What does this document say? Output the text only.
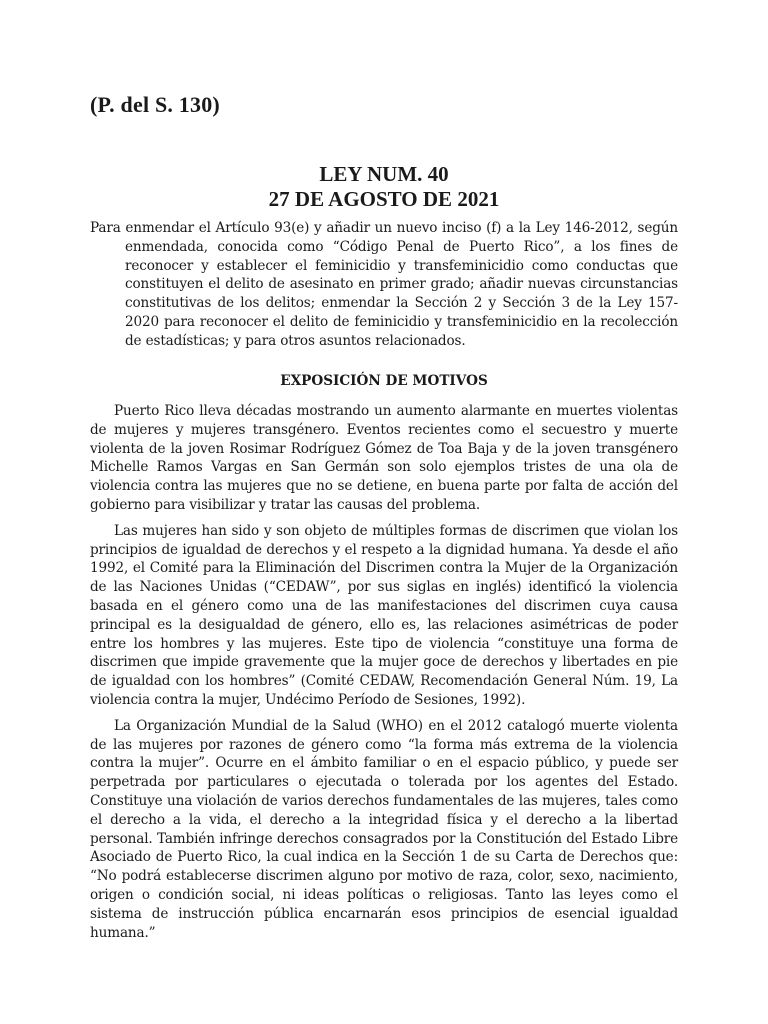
(P. del S. 130)
LEY NUM. 40
27 DE AGOSTO DE 2021
Para enmendar el Artículo 93(e) y añadir un nuevo inciso (f) a la Ley 146-2012, según enmendada, conocida como “Código Penal de Puerto Rico”, a los fines de reconocer y establecer el feminicidio y transfeminicidio como conductas que constituyen el delito de asesinato en primer grado; añadir nuevas circunstancias constitutivas de los delitos; enmendar la Sección 2 y Sección 3 de la Ley 157-2020 para reconocer el delito de feminicidio y transfeminicidio en la recolección de estadísticas; y para otros asuntos relacionados.
EXPOSICIÓN DE MOTIVOS

Puerto Rico lleva décadas mostrando un aumento alarmante en muertes violentas de mujeres y mujeres transgénero. Eventos recientes como el secuestro y muerte violenta de la joven Rosimar Rodríguez Gómez de Toa Baja y de la joven transgénero Michelle Ramos Vargas en San Germán son solo ejemplos tristes de una ola de violencia contra las mujeres que no se detiene, en buena parte por falta de acción del gobierno para visibilizar y tratar las causas del problema.

Las mujeres han sido y son objeto de múltiples formas de discrimen que violan los principios de igualdad de derechos y el respeto a la dignidad humana. Ya desde el año 1992, el Comité para la Eliminación del Discrimen contra la Mujer de la Organización de las Naciones Unidas (“CEDAW”, por sus siglas en inglés) identificó la violencia basada en el género como una de las manifestaciones del discrimen cuya causa principal es la desigualdad de género, ello es, las relaciones asimétricas de poder entre los hombres y las mujeres. Este tipo de violencia “constituye una forma de discrimen que impide gravemente que la mujer goce de derechos y libertades en pie de igualdad con los hombres” (Comité CEDAW, Recomendación General Núm. 19, La violencia contra la mujer, Undécimo Período de Sesiones, 1992).

La Organización Mundial de la Salud (WHO) en el 2012 catalogó muerte violenta de las mujeres por razones de género como “la forma más extrema de la violencia contra la mujer”. Ocurre en el ámbito familiar o en el espacio público, y puede ser perpetrada por particulares o ejecutada o tolerada por los agentes del Estado. Constituye una violación de varios derechos fundamentales de las mujeres, tales como el derecho a la vida, el derecho a la integridad física y el derecho a la libertad personal. También infringe derechos consagrados por la Constitución del Estado Libre Asociado de Puerto Rico, la cual indica en la Sección 1 de su Carta de Derechos que: “No podrá establecerse discrimen alguno por motivo de raza, color, sexo, nacimiento, origen o condición social, ni ideas políticas o religiosas. Tanto las leyes como el sistema de instrucción pública encarnarán esos principios de esencial igualdad humana.”
